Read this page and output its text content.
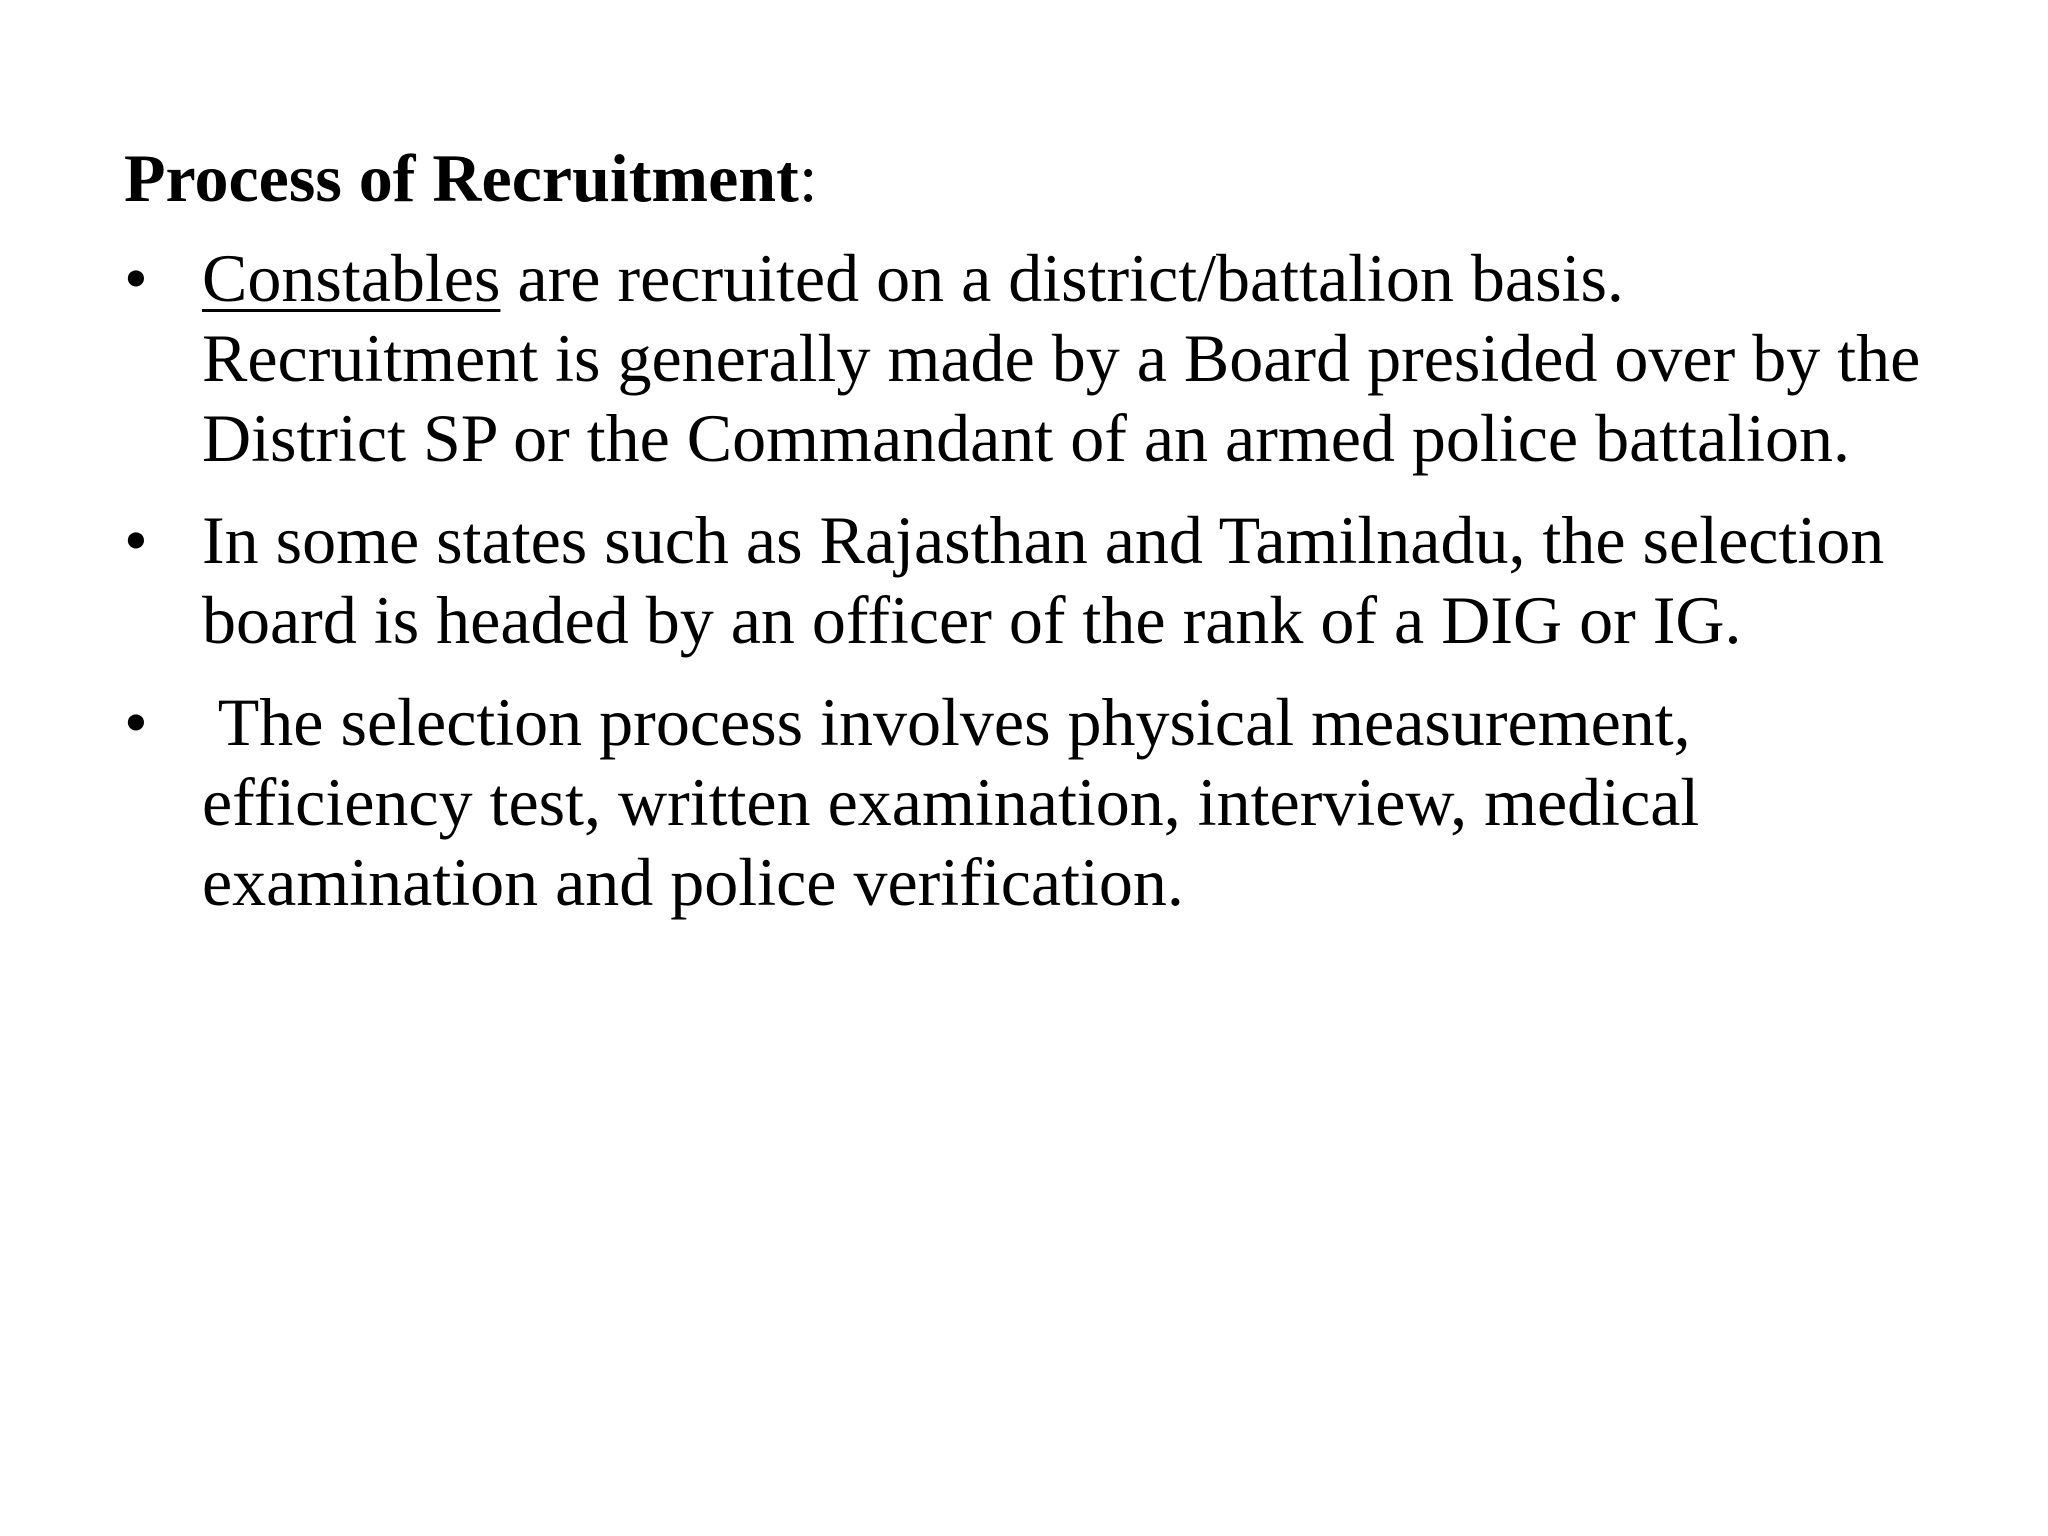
Process of Recruitment:
• Constables are recruited on a district/battalion basis.
Recruitment is generally made by a Board presided over by the
District SP or the Commandant of an armed police battalion.
• In some states such as Rajasthan and Tamilnadu, the selection
board is headed by an officer of the rank of a DIG or IG.
• The selection process involves physical measurement,
efficiency test, written examination, interview, medical
examination and police verification.
